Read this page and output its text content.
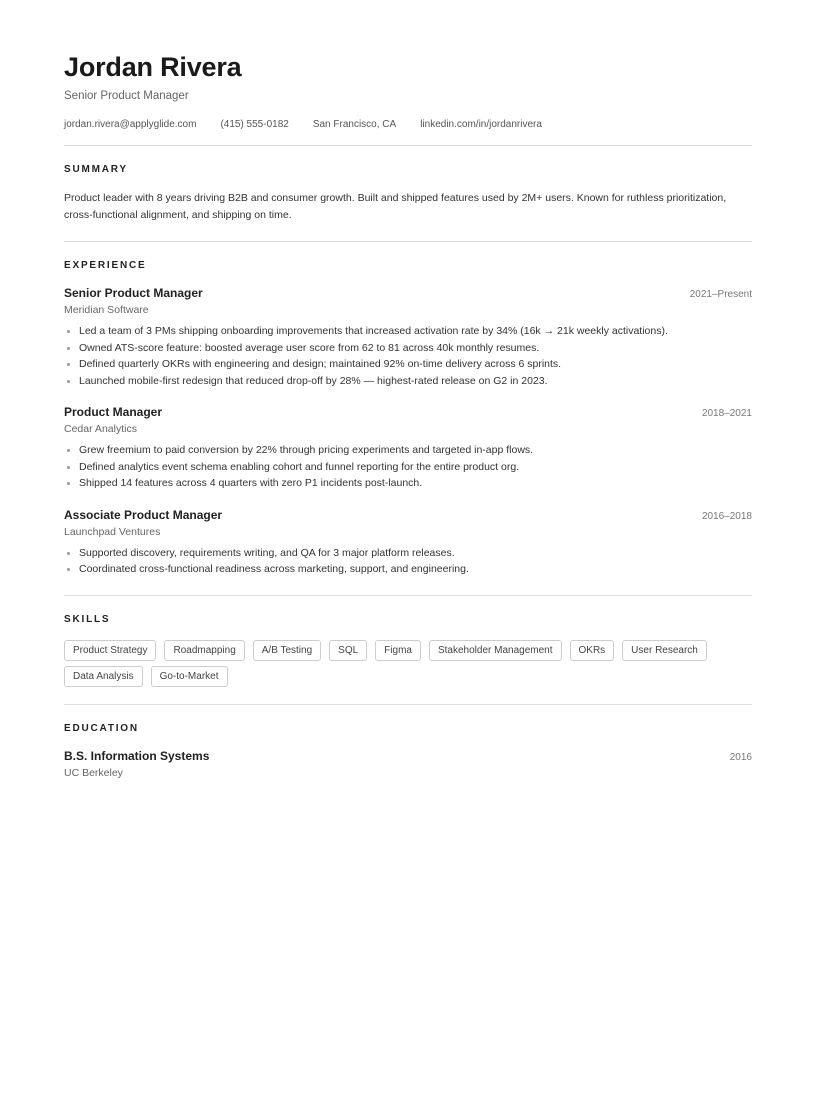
Jordan Rivera
Senior Product Manager
jordan.rivera@applyglide.com (415) 555-0182 San Francisco, CA linkedin.com/in/jordanrivera
SUMMARY

Product leader with 8 years driving B2B and consumer growth. Built and shipped features used by 2M+ users. Known for ruthless prioritization, cross-functional alignment, and shipping on time.

EXPERIENCE
Senior Product Manager	2021–Present
Meridian Software
Led a team of 3 PMs shipping onboarding improvements that increased activation rate by 34% (16k → 21k weekly activations).
Owned ATS-score feature: boosted average user score from 62 to 81 across 40k monthly resumes.
Defined quarterly OKRs with engineering and design; maintained 92% on-time delivery across 6 sprints.
Launched mobile-first redesign that reduced drop-off by 28% — highest-rated release on G2 in 2023.
Product Manager	2018–2021
Cedar Analytics
Grew freemium to paid conversion by 22% through pricing experiments and targeted in-app flows.
Defined analytics event schema enabling cohort and funnel reporting for the entire product org.
Shipped 14 features across 4 quarters with zero P1 incidents post-launch.
Associate Product Manager	2016–2018
Launchpad Ventures
Supported discovery, requirements writing, and QA for 3 major platform releases.
Coordinated cross-functional readiness across marketing, support, and engineering.
SKILLS
Product Strategy	Roadmapping	A/B Testing	SQL	Figma	Stakeholder Management	OKRs	User Research
Data Analysis	Go-to-Market
EDUCATION
B.S. Information Systems	2016
UC Berkeley
